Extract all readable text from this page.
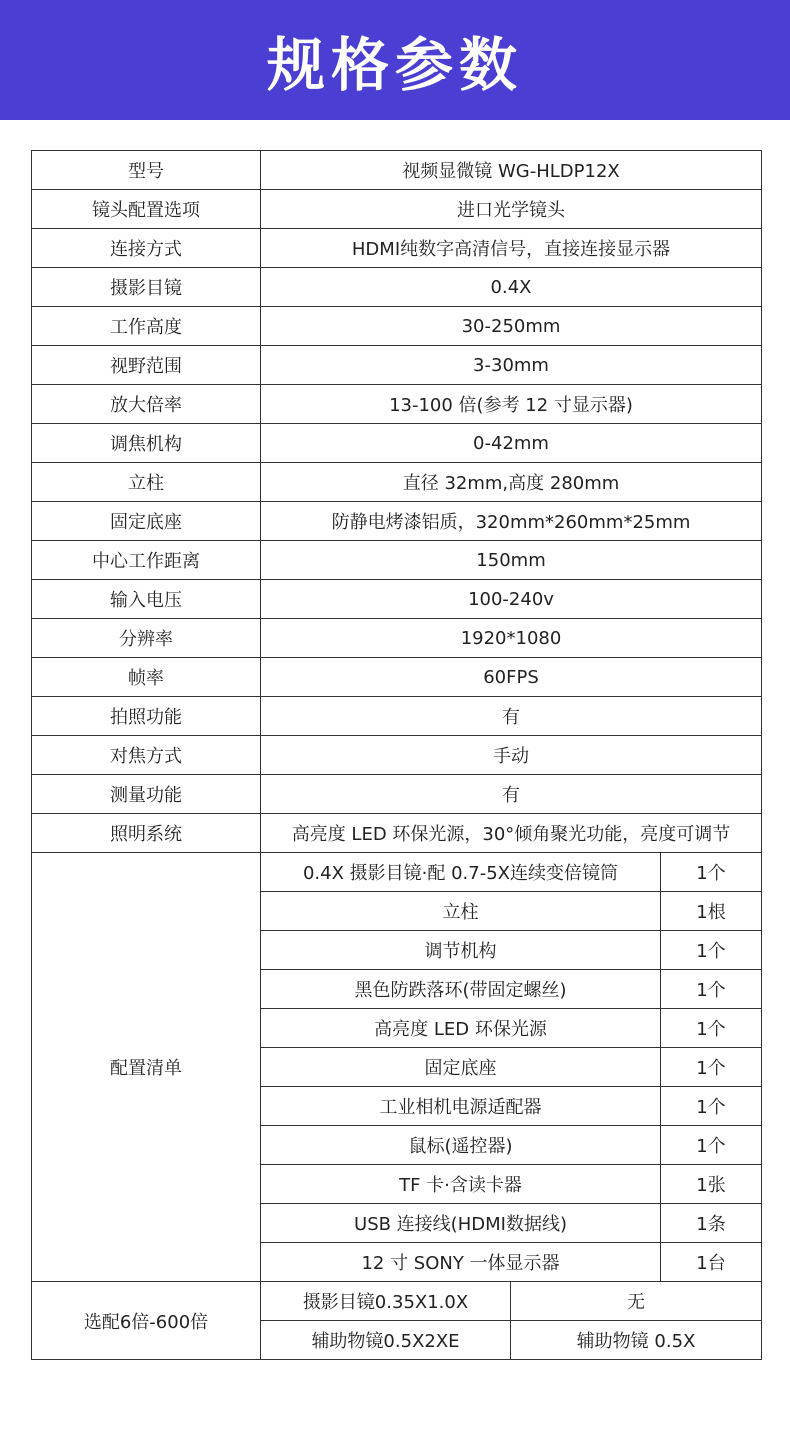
规格参数
型号	视频显微镜 WG-HLDP12X		
镜头配置选项	进口光学镜头		
连接方式	HDMI纯数字高清信号，直接连接显示器		
摄影目镜	0.4X		
工作高度	30-250mm		
视野范围	3-30mm		
放大倍率	13-100 倍(参考 12 寸显示器)		
调焦机构	0-42mm		
立柱	直径 32mm,高度 280mm		
固定底座	防静电烤漆铝质，320mm*260mm*25mm		
中心工作距离	150mm		
输入电压	100-240v		
分辨率	1920*1080		
帧率	60FPS		
拍照功能	有		
对焦方式	手动		
测量功能	有		
照明系统	高亮度 LED 环保光源，30°倾角聚光功能，亮度可调节		
配置清单	0.4X 摄影目镜·配 0.7-5X连续变倍镜筒		1个
	立柱		1根
	调节机构		1个
	黑色防跌落环(带固定螺丝)		1个
	高亮度 LED 环保光源		1个
	固定底座		1个
	工业相机电源适配器		1个
	鼠标(遥控器)		1个
	TF 卡·含读卡器		1张
	USB 连接线(HDMI数据线)		1条
	12 寸 SONY 一体显示器		1台
选配6倍-600倍	摄影目镜0.35X1.0X	无	
	辅助物镜0.5X2XE	辅助物镜 0.5X	
